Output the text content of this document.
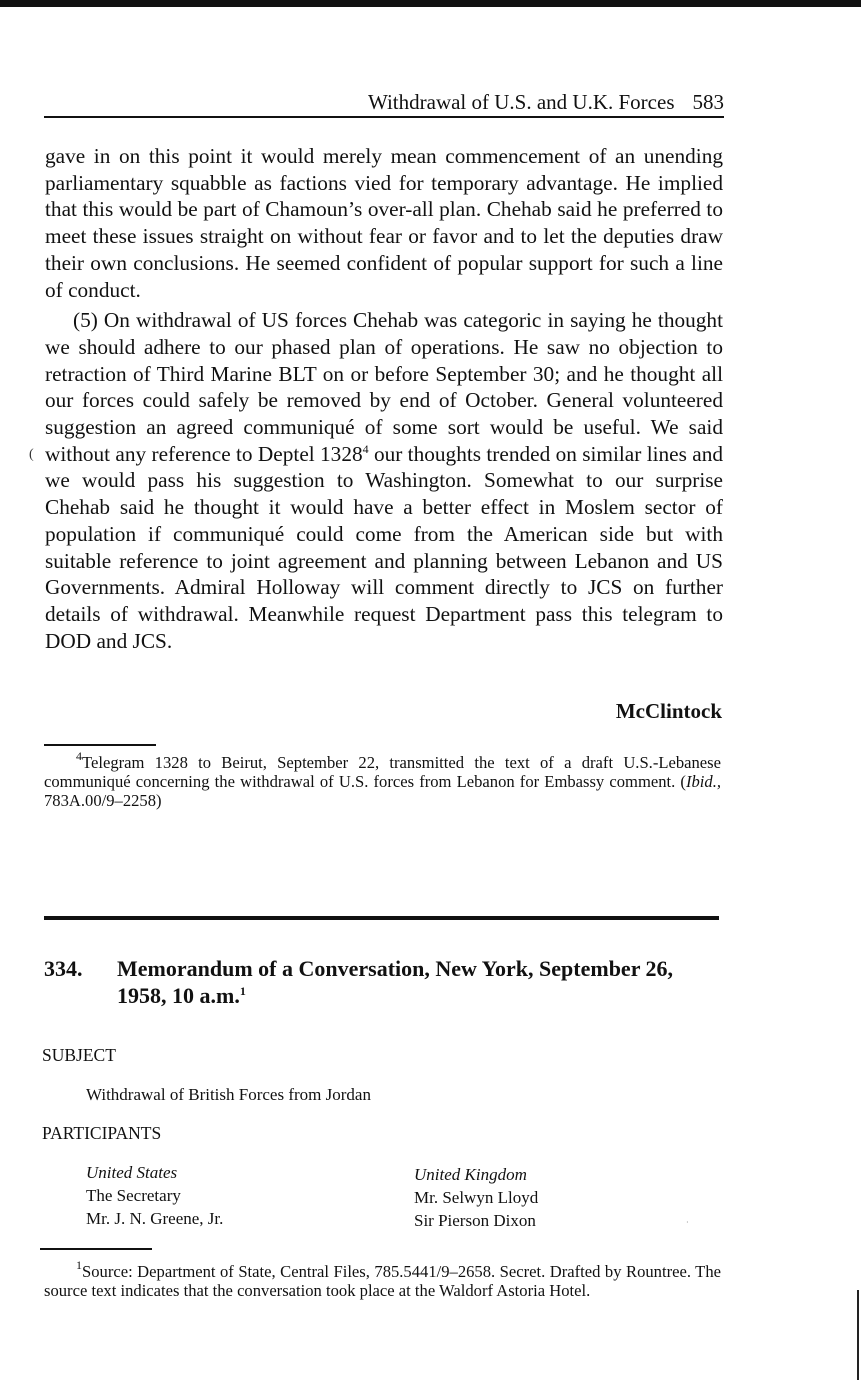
Withdrawal of U.S. and U.K. Forces 583

gave in on this point it would merely mean commencement of an unending parliamentary squabble as factions vied for temporary advantage. He implied that this would be part of Chamoun’s over-all plan. Chehab said he preferred to meet these issues straight on without fear or favor and to let the deputies draw their own conclusions. He seemed confident of popular support for such a line of conduct.

(5) On withdrawal of US forces Chehab was categoric in saying he thought we should adhere to our phased plan of operations. He saw no objection to retraction of Third Marine BLT on or before September 30; and he thought all our forces could safely be removed by end of October. General volunteered suggestion an agreed communiqué of some sort would be useful. We said without any reference to Deptel 1328$^4$ our thoughts trended on similar lines and we would pass his suggestion to Washington. Somewhat to our surprise Chehab said he thought it would have a better effect in Moslem sector of population if communiqué could come from the American side but with suitable reference to joint agreement and planning between Lebanon and US Governments. Admiral Holloway will comment directly to JCS on further details of withdrawal. Meanwhile request Department pass this telegram to DOD and JCS.

(
McClintock

$^4$Telegram 1328 to Beirut, September 22, transmitted the text of a draft U.S.-Lebanese communiqué concerning the withdrawal of U.S. forces from Lebanon for Embassy comment. (Ibid., 783A.00/9–2258)

334. Memorandum of a Conversation, New York, September 26, 1958, 10 a.m.$^1$
SUBJECT
Withdrawal of British Forces from Jordan
PARTICIPANTS
United States
The Secretary
Mr. J. N. Greene, Jr.
United Kingdom
Mr. Selwyn Lloyd
Sir Pierson Dixon	·

$^1$Source: Department of State, Central Files, 785.5441/9–2658. Secret. Drafted by Rountree. The source text indicates that the conversation took place at the Waldorf Astoria Hotel.
